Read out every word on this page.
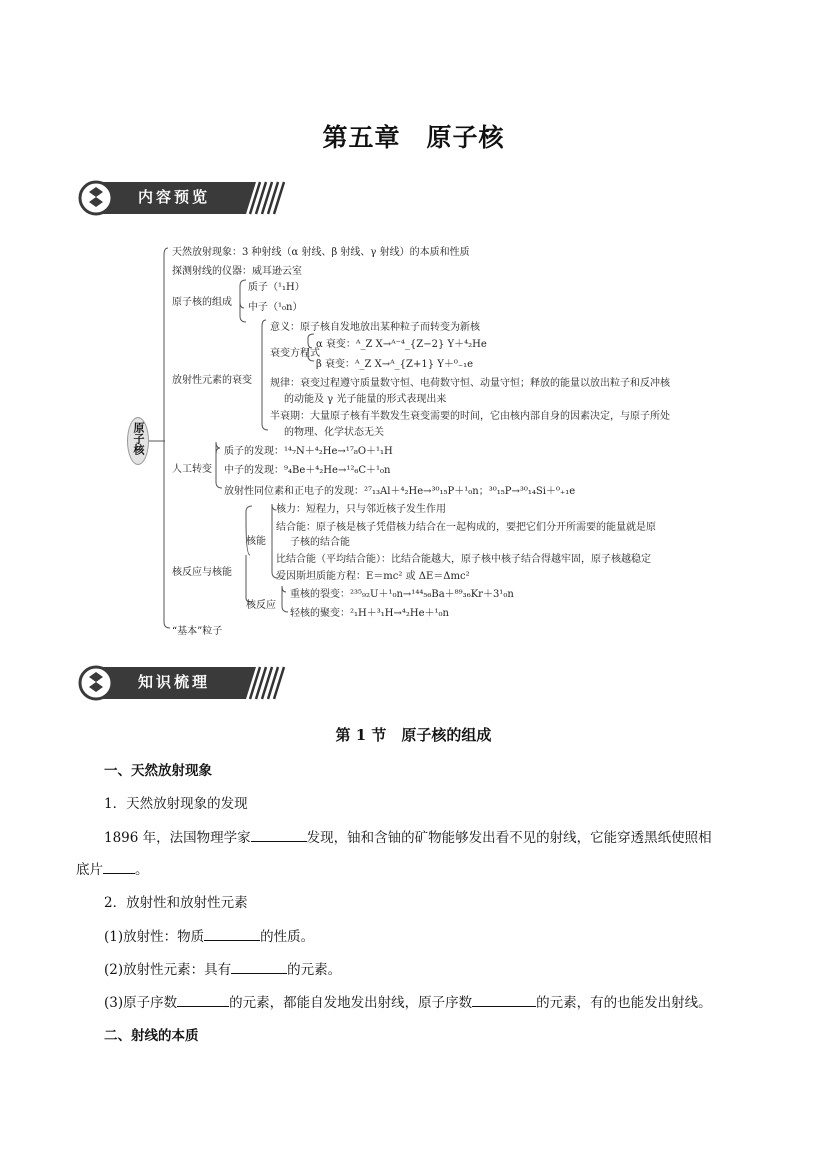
第五章　原子核
内容预览
原子核
天然放射现象：3 种射线（α 射线、β 射线、γ 射线）的本质和性质
探测射线的仪器：威耳逊云室
原子核的组成
质子（¹₁H）
中子（¹₀n）
放射性元素的衰变
意义：原子核自发地放出某种粒子而转变为新核
衰变方程式
α 衰变：ᴬ_Z X→ᴬ⁻⁴_{Z−2} Y＋⁴₂He
β 衰变：ᴬ_Z X→ᴬ_{Z+1} Y＋⁰₋₁e
规律：衰变过程遵守质量数守恒、电荷数守恒、动量守恒；释放的能量以放出粒子和反冲核
的动能及 γ 光子能量的形式表现出来
半衰期：大量原子核有半数发生衰变需要的时间，它由核内部自身的因素决定，与原子所处
的物理、化学状态无关
人工转变
质子的发现：¹⁴₇N＋⁴₂He→¹⁷₈O＋¹₁H
中子的发现：⁹₄Be＋⁴₂He→¹²₆C＋¹₀n
放射性同位素和正电子的发现：²⁷₁₃Al＋⁴₂He→³⁰₁₅P＋¹₀n；³⁰₁₅P→³⁰₁₄Si＋⁰₊₁e
核反应与核能
核能
核力：短程力，只与邻近核子发生作用
结合能：原子核是核子凭借核力结合在一起构成的，要把它们分开所需要的能量就是原
子核的结合能
比结合能（平均结合能）：比结合能越大，原子核中核子结合得越牢固，原子核越稳定
爱因斯坦质能方程：E＝mc² 或 ΔE＝Δmc²
核反应
重核的裂变：²³⁵₉₂U＋¹₀n→¹⁴⁴₅₆Ba＋⁸⁹₃₆Kr＋3¹₀n
轻核的聚变：²₁H＋³₁H→⁴₂He＋¹₀n
“基本”粒子
知识梳理
第 1 节　原子核的组成
一、天然放射现象
1．天然放射现象的发现
1896 年，法国物理学家	发现，铀和含铀的矿物能够发出看不见的射线，它能穿透黑纸使照相
底片 。
2．放射性和放射性元素
(1)放射性：物质	的性质。
(2)放射性元素：具有	的元素。
(3)原子序数	的元素，都能自发地发出射线，原子序数	的元素，有的也能发出射线。
二、射线的本质
